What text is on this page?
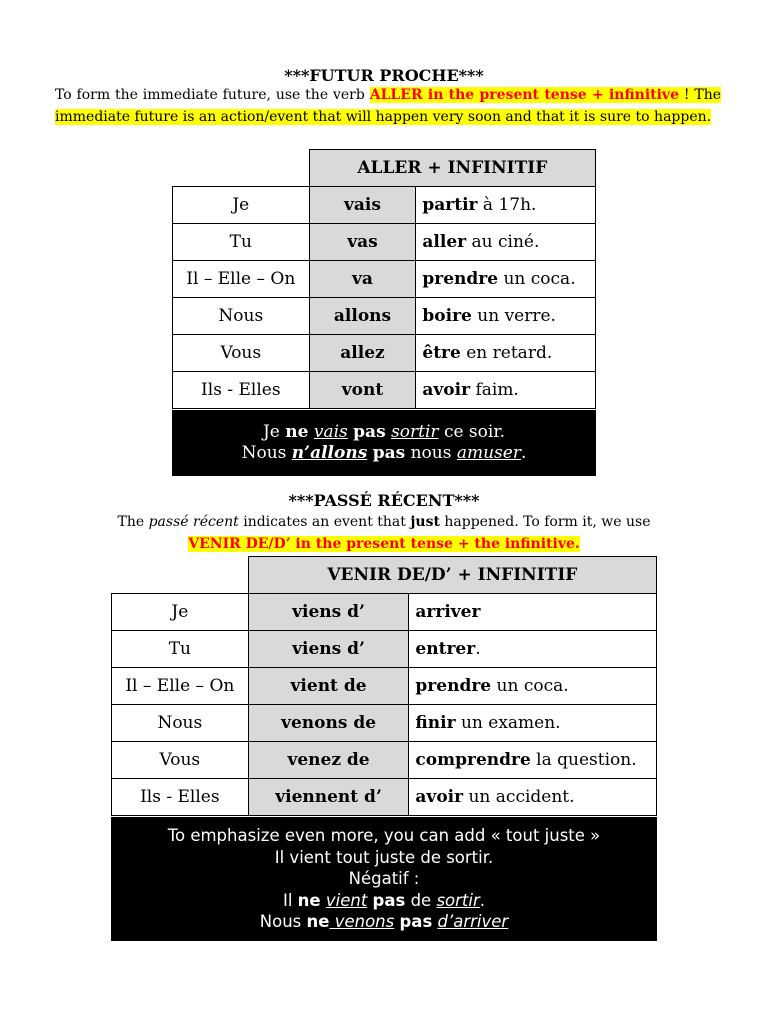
***FUTUR PROCHE***
To form the immediate future, use the verb ALLER in the present tense + infinitive ! The immediate future is an action/event that will happen very soon and that it is sure to happen.
	ALLER + INFINITIF	
Je	vais	partir à 17h.
Tu	vas	aller au ciné.
Il – Elle – On	va	prendre un coca.
Nous	allons	boire un verre.
Vous	allez	être en retard.
Ils - Elles	vont	avoir faim.
Je ne vais pas sortir ce soir.
Nous n’allons pas nous amuser.
***PASSÉ RÉCENT***
The passé récent indicates an event that just happened. To form it, we use
VENIR DE/D’ in the present tense + the infinitive.
	VENIR DE/D’ + INFINITIF	
Je	viens d’	arriver
Tu	viens d’	entrer.
Il – Elle – On	vient de	prendre un coca.
Nous	venons de	finir un examen.
Vous	venez de	comprendre la question.
Ils - Elles	viennent d’	avoir un accident.
To emphasize even more, you can add « tout juste »
Il vient tout juste de sortir.
Négatif :
Il ne vient pas de sortir.
Nous ne venons pas d’arriver
